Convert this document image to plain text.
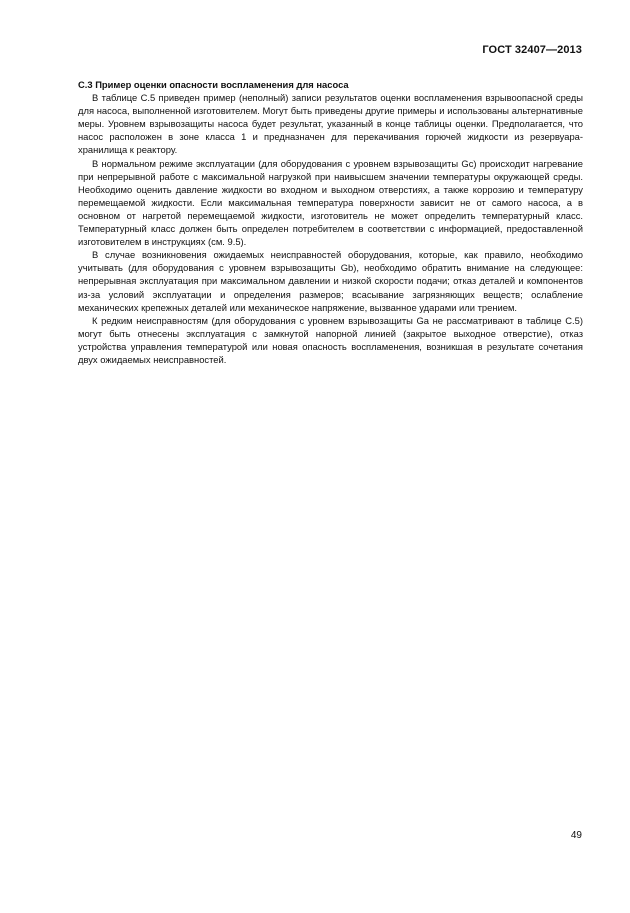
ГОСТ 32407—2013

С.3 Пример оценки опасности воспламенения для насоса

В таблице С.5 приведен пример (неполный) записи результатов оценки воспламенения взрывоопасной среды для насоса, выполненной изготовителем. Могут быть приведены другие примеры и использованы альтернативные меры. Уровнем взрывозащиты насоса будет результат, указанный в конце таблицы оценки. Предполагается, что насос расположен в зоне класса 1 и предназначен для перекачивания горючей жидкости из резервуара-хранилища к реактору.

В нормальном режиме эксплуатации (для оборудования с уровнем взрывозащиты Gc) происходит нагревание при непрерывной работе с максимальной нагрузкой при наивысшем значении температуры окружающей среды. Необходимо оценить давление жидкости во входном и выходном отверстиях, а также коррозию и температуру перемещаемой жидкости. Если максимальная температура поверхности зависит не от самого насоса, а в основном от нагретой перемещаемой жидкости, изготовитель не может определить температурный класс. Температурный класс должен быть определен потребителем в соответствии с информацией, предоставленной изготовителем в инструкциях (см. 9.5).

В случае возникновения ожидаемых неисправностей оборудования, которые, как правило, необходимо учитывать (для оборудования с уровнем взрывозащиты Gb), необходимо обратить внимание на следующее: непрерывная эксплуатация при максимальном давлении и низкой скорости подачи; отказ деталей и компонентов из-за условий эксплуатации и определения размеров; всасывание загрязняющих веществ; ослабление механических крепежных деталей или механическое напряжение, вызванное ударами или трением.

К редким неисправностям (для оборудования с уровнем взрывозащиты Ga не рассматривают в таблице С.5) могут быть отнесены эксплуатация с замкнутой напорной линией (закрытое выходное отверстие), отказ устройства управления температурой или новая опасность воспламенения, возникшая в результате сочетания двух ожидаемых неисправностей.

49
